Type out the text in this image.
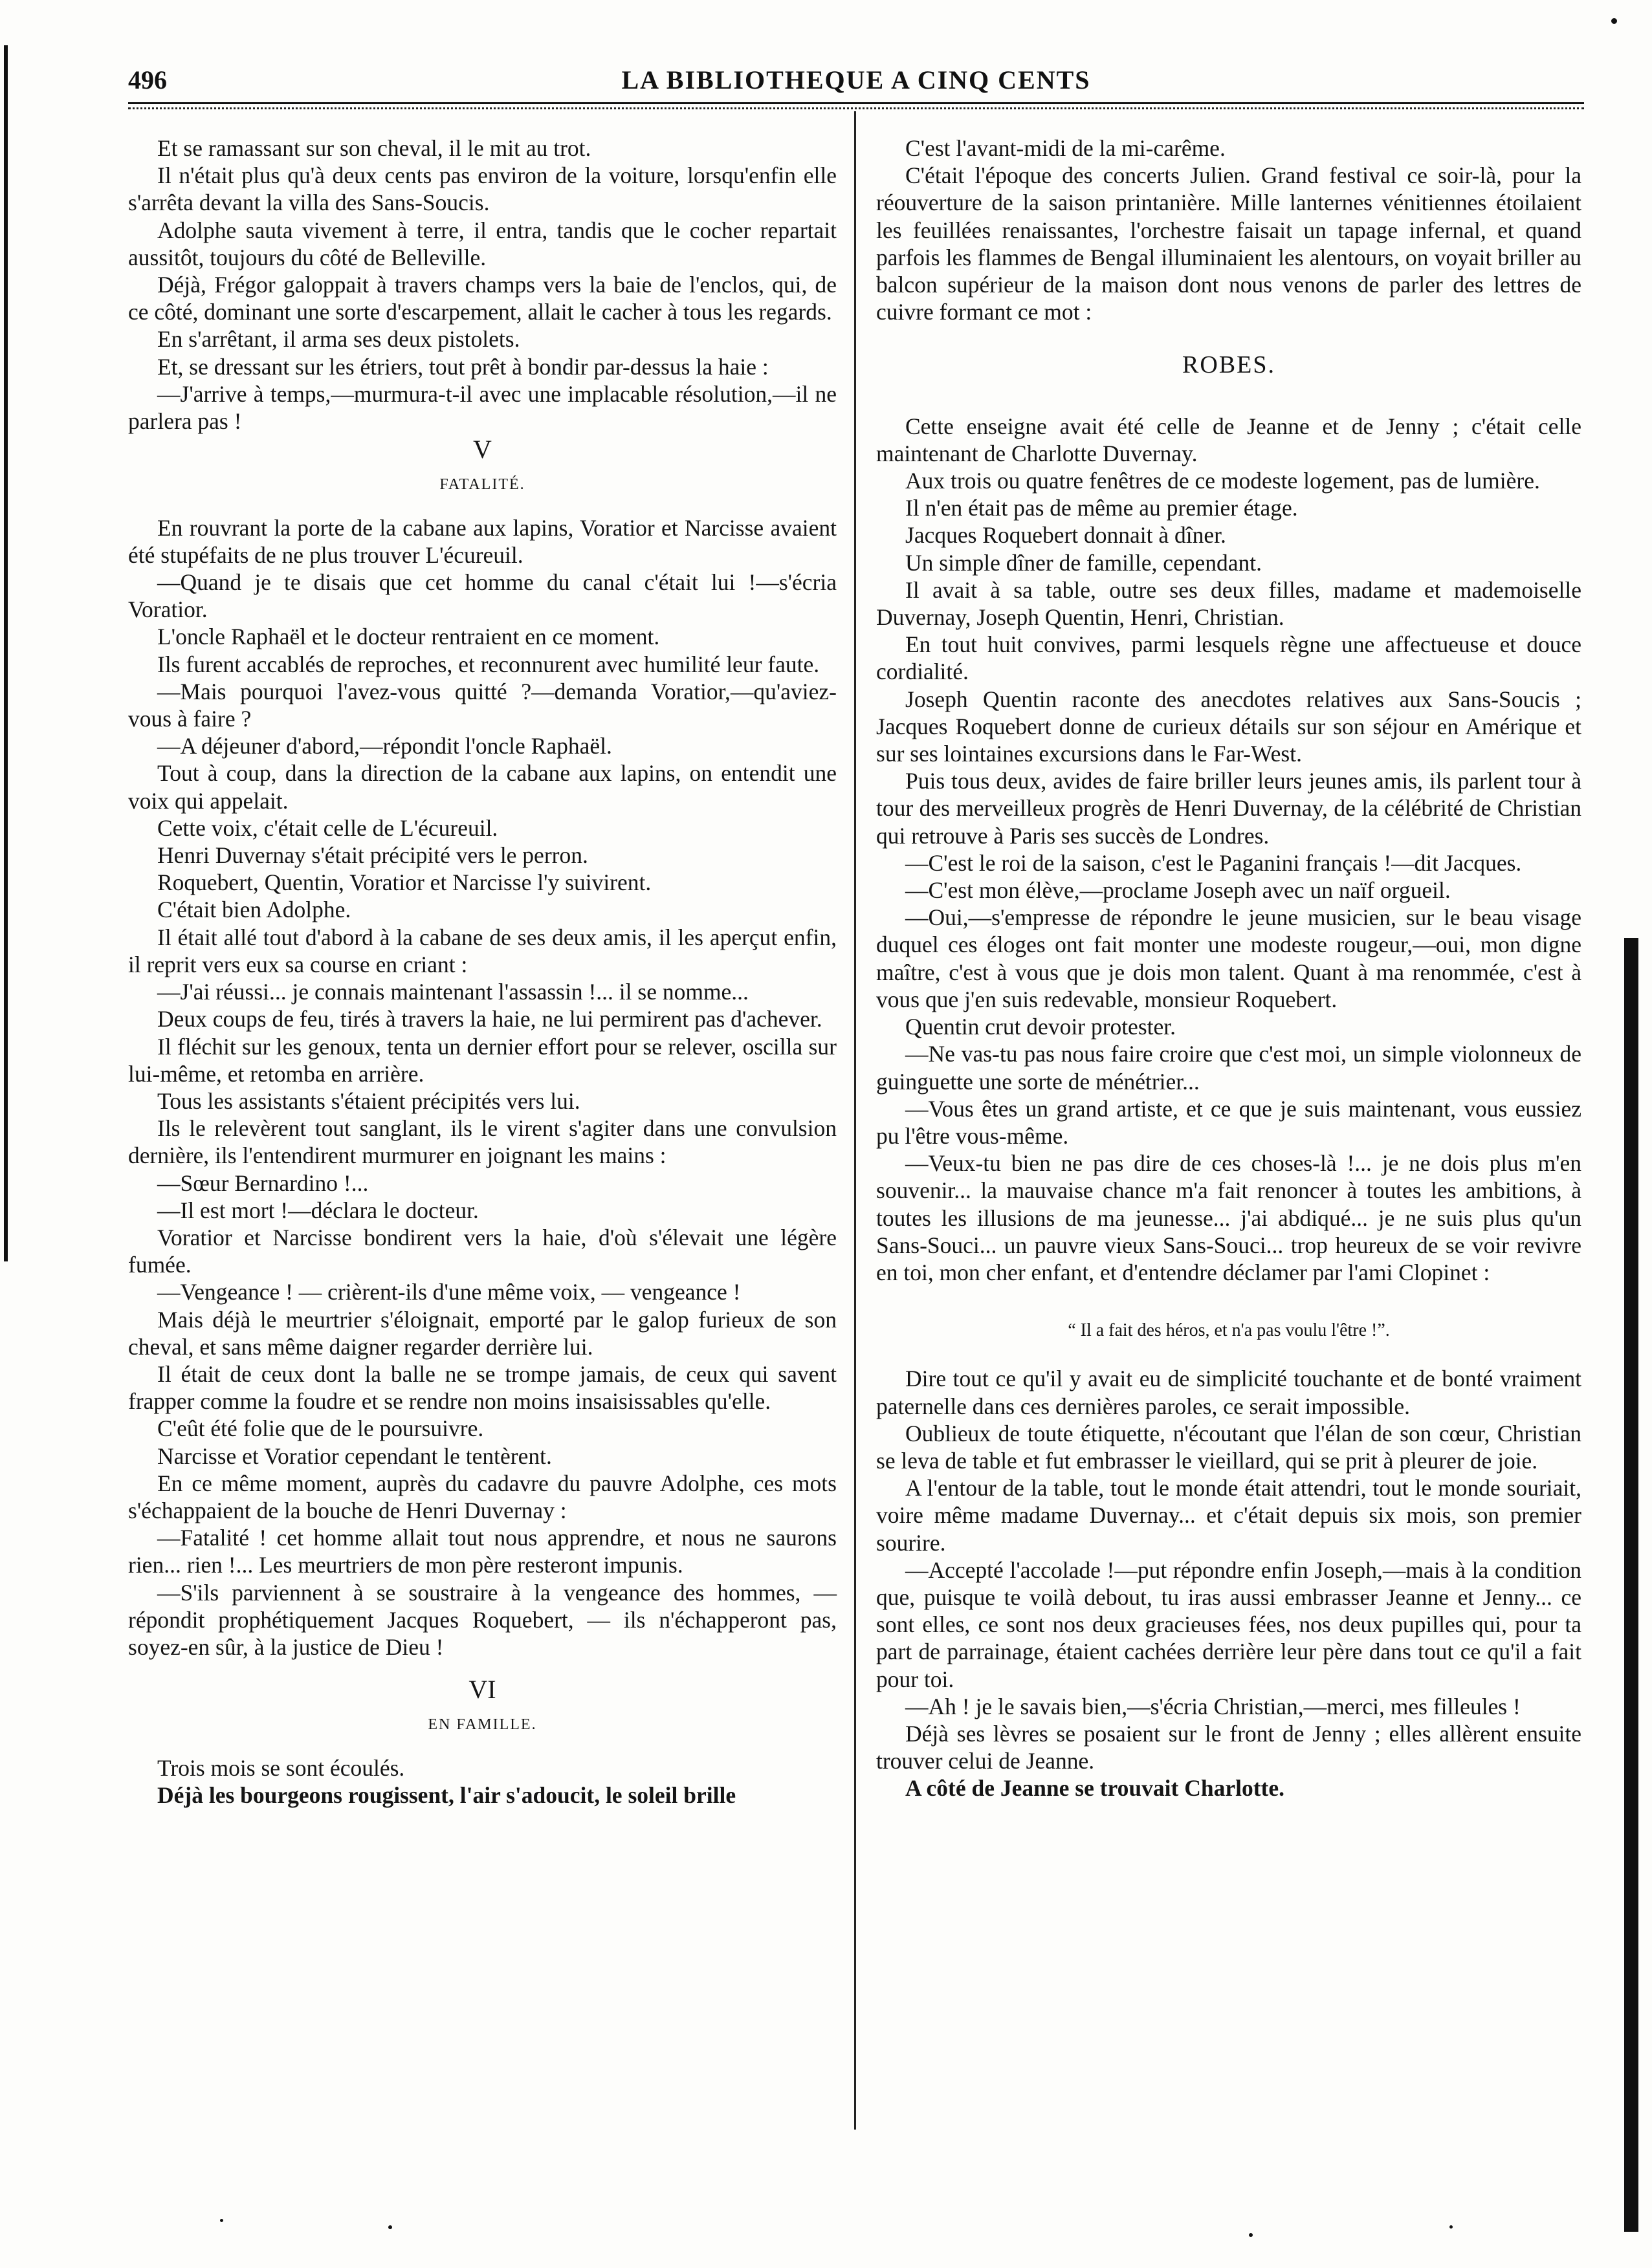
496	LA BIBLIOTHEQUE A CINQ CENTS

Et se ramassant sur son cheval, il le mit au trot.

Il n'était plus qu'à deux cents pas environ de la voiture, lorsqu'enfin elle s'arrêta devant la villa des Sans-Soucis.

Adolphe sauta vivement à terre, il entra, tandis que le cocher repartait aussitôt, toujours du côté de Belleville.

Déjà, Frégor galoppait à travers champs vers la baie de l'enclos, qui, de ce côté, dominant une sorte d'escarpement, allait le cacher à tous les regards.

En s'arrêtant, il arma ses deux pistolets.

Et, se dressant sur les étriers, tout prêt à bondir par-dessus la haie :

—J'arrive à temps,—murmura-t-il avec une implacable résolution,—il ne parlera pas !

V
FATALITÉ.

En rouvrant la porte de la cabane aux lapins, Voratior et Narcisse avaient été stupéfaits de ne plus trouver L'écureuil.

—Quand je te disais que cet homme du canal c'était lui !—s'écria Voratior.

L'oncle Raphaël et le docteur rentraient en ce moment.

Ils furent accablés de reproches, et reconnurent avec humilité leur faute.

—Mais pourquoi l'avez-vous quitté ?—demanda Voratior,—qu'aviez-vous à faire ?

—A déjeuner d'abord,—répondit l'oncle Raphaël.

Tout à coup, dans la direction de la cabane aux lapins, on entendit une voix qui appelait.

Cette voix, c'était celle de L'écureuil.

Henri Duvernay s'était précipité vers le perron.

Roquebert, Quentin, Voratior et Narcisse l'y suivirent.

C'était bien Adolphe.

Il était allé tout d'abord à la cabane de ses deux amis, il les aperçut enfin, il reprit vers eux sa course en criant :

—J'ai réussi... je connais maintenant l'assassin !... il se nomme...

Deux coups de feu, tirés à travers la haie, ne lui permirent pas d'achever.

Il fléchit sur les genoux, tenta un dernier effort pour se relever, oscilla sur lui-même, et retomba en arrière.

Tous les assistants s'étaient précipités vers lui.

Ils le relevèrent tout sanglant, ils le virent s'agiter dans une convulsion dernière, ils l'entendirent murmurer en joignant les mains :

—Sœur Bernardino !...

—Il est mort !—déclara le docteur.

Voratior et Narcisse bondirent vers la haie, d'où s'élevait une légère fumée.

—Vengeance ! — crièrent-ils d'une même voix, — vengeance !

Mais déjà le meurtrier s'éloignait, emporté par le galop furieux de son cheval, et sans même daigner regarder derrière lui.

Il était de ceux dont la balle ne se trompe jamais, de ceux qui savent frapper comme la foudre et se rendre non moins insaisissables qu'elle.

C'eût été folie que de le poursuivre.

Narcisse et Voratior cependant le tentèrent.

En ce même moment, auprès du cadavre du pauvre Adolphe, ces mots s'échappaient de la bouche de Henri Duvernay :

—Fatalité ! cet homme allait tout nous apprendre, et nous ne saurons rien... rien !... Les meurtriers de mon père resteront impunis.

—S'ils parviennent à se soustraire à la vengeance des hommes, — répondit prophétiquement Jacques Roquebert, — ils n'échapperont pas, soyez-en sûr, à la justice de Dieu !

VI
EN FAMILLE.

Trois mois se sont écoulés.

Déjà les bourgeons rougissent, l'air s'adoucit, le soleil brille

C'est l'avant-midi de la mi-carême.

C'était l'époque des concerts Julien. Grand festival ce soir-là, pour la réouverture de la saison printanière. Mille lanternes vénitiennes étoilaient les feuillées renaissantes, l'orchestre faisait un tapage infernal, et quand parfois les flammes de Bengal illuminaient les alentours, on voyait briller au balcon supérieur de la maison dont nous venons de parler des lettres de cuivre formant ce mot :

ROBES.

Cette enseigne avait été celle de Jeanne et de Jenny ; c'était celle maintenant de Charlotte Duvernay.

Aux trois ou quatre fenêtres de ce modeste logement, pas de lumière.

Il n'en était pas de même au premier étage.

Jacques Roquebert donnait à dîner.

Un simple dîner de famille, cependant.

Il avait à sa table, outre ses deux filles, madame et mademoiselle Duvernay, Joseph Quentin, Henri, Christian.

En tout huit convives, parmi lesquels règne une affectueuse et douce cordialité.

Joseph Quentin raconte des anecdotes relatives aux Sans-Soucis ; Jacques Roquebert donne de curieux détails sur son séjour en Amérique et sur ses lointaines excursions dans le Far-West.

Puis tous deux, avides de faire briller leurs jeunes amis, ils parlent tour à tour des merveilleux progrès de Henri Duvernay, de la célébrité de Christian qui retrouve à Paris ses succès de Londres.

—C'est le roi de la saison, c'est le Paganini français !—dit Jacques.

—C'est mon élève,—proclame Joseph avec un naïf orgueil.

—Oui,—s'empresse de répondre le jeune musicien, sur le beau visage duquel ces éloges ont fait monter une modeste rougeur,—oui, mon digne maître, c'est à vous que je dois mon talent. Quant à ma renommée, c'est à vous que j'en suis redevable, monsieur Roquebert.

Quentin crut devoir protester.

—Ne vas-tu pas nous faire croire que c'est moi, un simple violonneux de guinguette une sorte de ménétrier...

—Vous êtes un grand artiste, et ce que je suis maintenant, vous eussiez pu l'être vous-même.

—Veux-tu bien ne pas dire de ces choses-là !... je ne dois plus m'en souvenir... la mauvaise chance m'a fait renoncer à toutes les ambitions, à toutes les illusions de ma jeunesse... j'ai abdiqué... je ne suis plus qu'un Sans-Souci... un pauvre vieux Sans-Souci... trop heureux de se voir revivre en toi, mon cher enfant, et d'entendre déclamer par l'ami Clopinet :

“ Il a fait des héros, et n'a pas voulu l'être !”.

Dire tout ce qu'il y avait eu de simplicité touchante et de bonté vraiment paternelle dans ces dernières paroles, ce serait impossible.

Oublieux de toute étiquette, n'écoutant que l'élan de son cœur, Christian se leva de table et fut embrasser le vieillard, qui se prit à pleurer de joie.

A l'entour de la table, tout le monde était attendri, tout le monde souriait, voire même madame Duvernay... et c'était depuis six mois, son premier sourire.

—Accepté l'accolade !—put répondre enfin Joseph,—mais à la condition que, puisque te voilà debout, tu iras aussi embrasser Jeanne et Jenny... ce sont elles, ce sont nos deux gracieuses fées, nos deux pupilles qui, pour ta part de parrainage, étaient cachées derrière leur père dans tout ce qu'il a fait pour toi.

—Ah ! je le savais bien,—s'écria Christian,—merci, mes filleules !

Déjà ses lèvres se posaient sur le front de Jenny ; elles allèrent ensuite trouver celui de Jeanne.

A côté de Jeanne se trouvait Charlotte.
